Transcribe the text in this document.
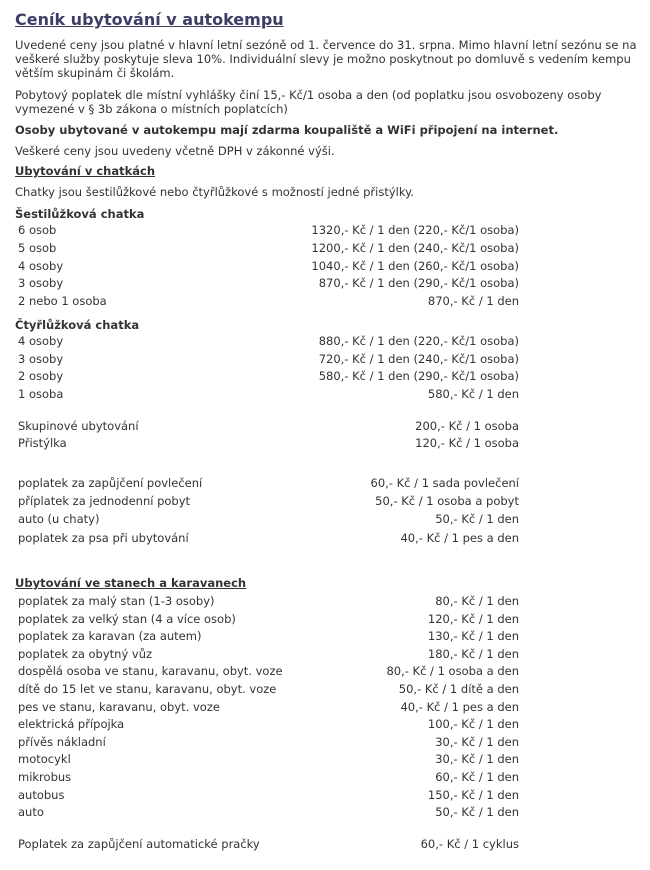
Ceník ubytování v autokempu
Uvedené ceny jsou platné v hlavní letní sezóně od 1. července do 31. srpna. Mimo hlavní letní sezónu se na veškeré služby poskytuje sleva 10%. Individuální slevy je možno poskytnout po domluvě s vedením kempu větším skupinám či školám.
Pobytový poplatek dle místní vyhlášky činí 15,- Kč/1 osoba a den (od poplatku jsou osvobozeny osoby vymezené v § 3b zákona o místních poplatcích)
Osoby ubytované v autokempu mají zdarma koupaliště a WiFi připojení na internet.
Veškeré ceny jsou uvedeny včetně DPH v zákonné výši.
Ubytování v chatkách
Chatky jsou šestilůžkové nebo čtyřlůžkové s možností jedné přistýlky.
Šestilůžková chatka
6 osob	1320,- Kč / 1 den (220,- Kč/1 osoba)
5 osob	1200,- Kč / 1 den (240,- Kč/1 osoba)
4 osoby	1040,- Kč / 1 den (260,- Kč/1 osoba)
3 osoby	870,- Kč / 1 den (290,- Kč/1 osoba)
2 nebo 1 osoba	870,- Kč / 1 den
Čtyřlůžková chatka
4 osoby	880,- Kč / 1 den (220,- Kč/1 osoba)
3 osoby	720,- Kč / 1 den (240,- Kč/1 osoba)
2 osoby	580,- Kč / 1 den (290,- Kč/1 osoba)
1 osoba	580,- Kč / 1 den
Skupinové ubytování	200,- Kč / 1 osoba
Přistýlka	120,- Kč / 1 osoba
poplatek za zapůjčení povlečení	60,- Kč / 1 sada povlečení
příplatek za jednodenní pobyt	50,- Kč / 1 osoba a pobyt
auto (u chaty)	50,- Kč / 1 den
poplatek za psa při ubytování	40,- Kč / 1 pes a den
Ubytování ve stanech a karavanech
poplatek za malý stan (1-3 osoby)	80,- Kč / 1 den
poplatek za velký stan (4 a více osob)	120,- Kč / 1 den
poplatek za karavan (za autem)	130,- Kč / 1 den
poplatek za obytný vůz	180,- Kč / 1 den
dospělá osoba ve stanu, karavanu, obyt. voze	80,- Kč / 1 osoba a den
dítě do 15 let ve stanu, karavanu, obyt. voze	50,- Kč / 1 dítě a den
pes ve stanu, karavanu, obyt. voze	40,- Kč / 1 pes a den
elektrická přípojka	100,- Kč / 1 den
přívěs nákladní	30,- Kč / 1 den
motocykl	30,- Kč / 1 den
mikrobus	60,- Kč / 1 den
autobus	150,- Kč / 1 den
auto	50,- Kč / 1 den
Poplatek za zapůjčení automatické pračky	60,- Kč / 1 cyklus
